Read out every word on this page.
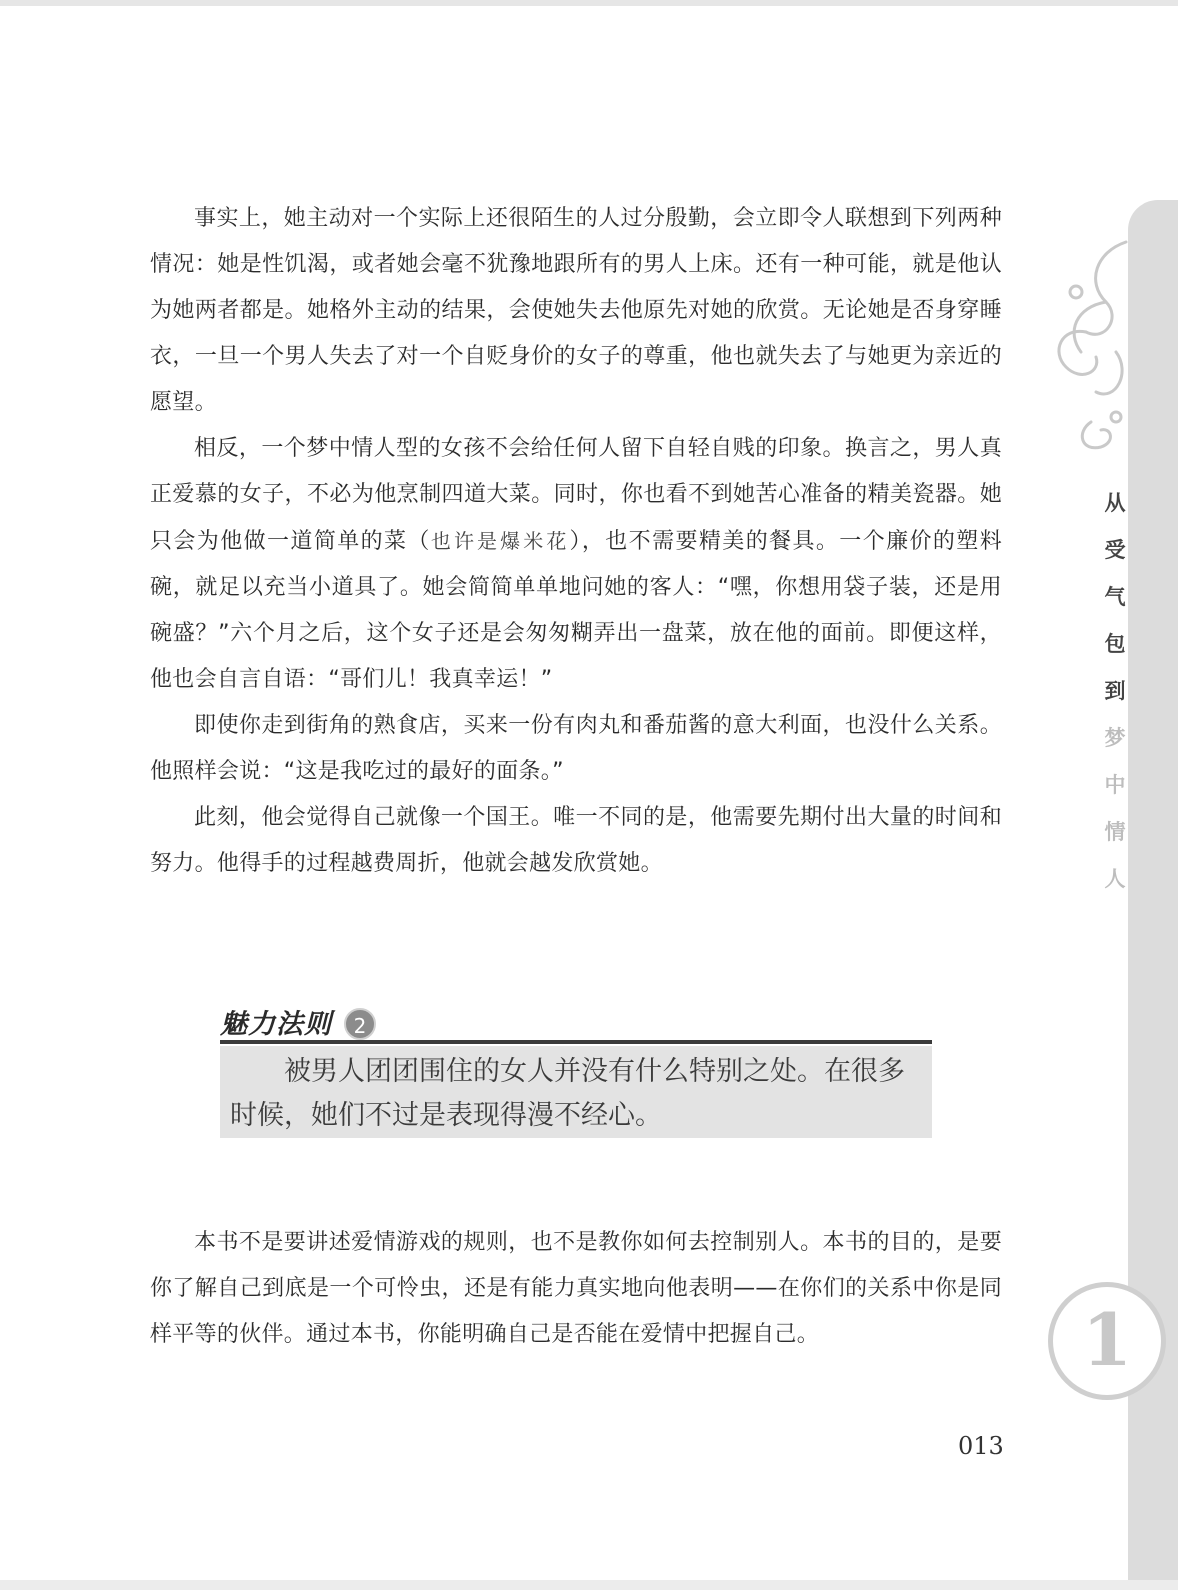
事实上，她主动对一个实际上还很陌生的人过分殷勤，会立即令人联想到下列两种情况：她是性饥渴，或者她会毫不犹豫地跟所有的男人上床。还有一种可能，就是他认为她两者都是。她格外主动的结果，会使她失去他原先对她的欣赏。无论她是否身穿睡衣，一旦一个男人失去了对一个自贬身价的女子的尊重，他也就失去了与她更为亲近的愿望。

相反，一个梦中情人型的女孩不会给任何人留下自轻自贱的印象。换言之，男人真正爱慕的女子，不必为他烹制四道大菜。同时，你也看不到她苦心准备的精美瓷器。她只会为他做一道简单的菜（也许是爆米花），也不需要精美的餐具。一个廉价的塑料碗，就足以充当小道具了。她会简简单单地问她的客人：“嘿，你想用袋子装，还是用碗盛？”六个月之后，这个女子还是会匆匆糊弄出一盘菜，放在他的面前。即便这样，他也会自言自语：“哥们儿！我真幸运！”

即使你走到街角的熟食店，买来一份有肉丸和番茄酱的意大利面，也没什么关系。他照样会说：“这是我吃过的最好的面条。”

此刻，他会觉得自己就像一个国王。唯一不同的是，他需要先期付出大量的时间和努力。他得手的过程越费周折，他就会越发欣赏她。

魅力法则	2
被男人团团围住的女人并没有什么特别之处。在很多时候，她们不过是表现得漫不经心。

本书不是要讲述爱情游戏的规则，也不是教你如何去控制别人。本书的目的，是要你了解自己到底是一个可怜虫，还是有能力真实地向他表明——在你们的关系中你是同样平等的伙伴。通过本书，你能明确自己是否能在爱情中把握自己。

013
从
受
气
包
到
梦
中
情
人
1
